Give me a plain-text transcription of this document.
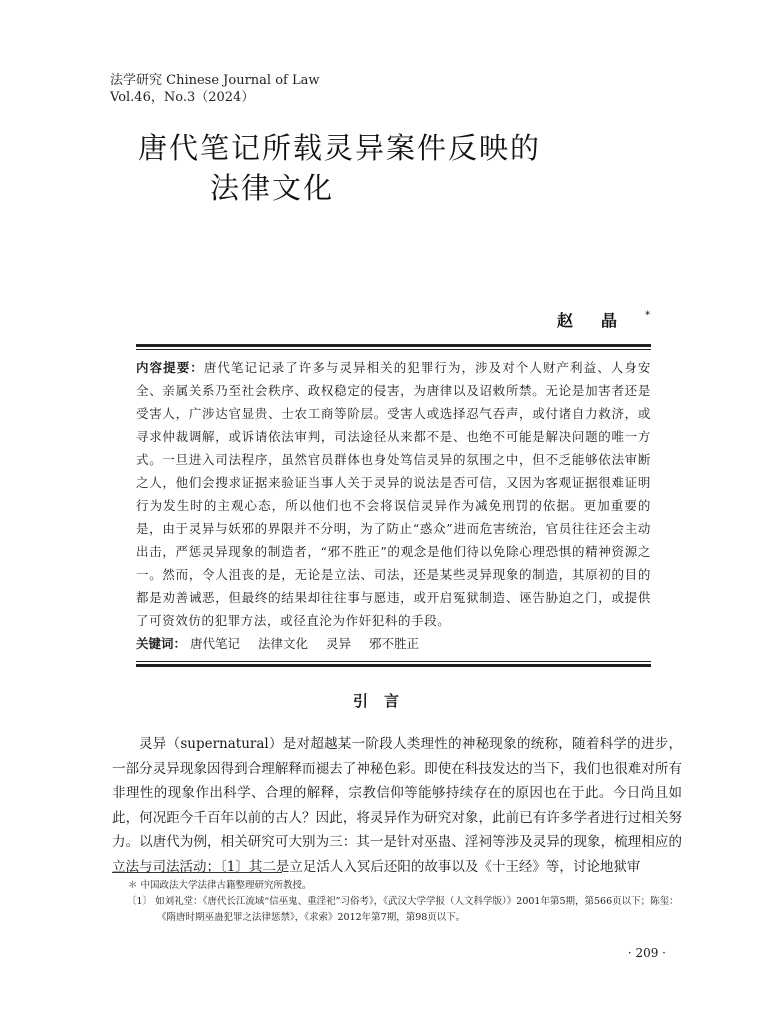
法学研究 Chinese Journal of Law
Vol.46，No.3（2024）
唐代笔记所载灵异案件反映的
法律文化
赵晶*

内容提要：唐代笔记记录了许多与灵异相关的犯罪行为，涉及对个人财产利益、人身安全、亲属关系乃至社会秩序、政权稳定的侵害，为唐律以及诏敕所禁。无论是加害者还是受害人，广涉达官显贵、士农工商等阶层。受害人或选择忍气吞声，或付诸自力救济，或寻求仲裁调解，或诉请依法审判，司法途径从来都不是、也绝不可能是解决问题的唯一方式。一旦进入司法程序，虽然官员群体也身处笃信灵异的氛围之中，但不乏能够依法审断之人，他们会搜求证据来验证当事人关于灵异的说法是否可信，又因为客观证据很难证明行为发生时的主观心态，所以他们也不会将误信灵异作为减免刑罚的依据。更加重要的是，由于灵异与妖邪的界限并不分明，为了防止“惑众”进而危害统治，官员往往还会主动出击，严惩灵异现象的制造者，“邪不胜正”的观念是他们待以免除心理恐惧的精神资源之一。然而，令人沮丧的是，无论是立法、司法，还是某些灵异现象的制造，其原初的目的都是劝善诫恶，但最终的结果却往往事与愿违，或开启冤狱制造、诬告胁迫之门，或提供了可资效仿的犯罪方法，或径直沦为作奸犯科的手段。

关键词： 唐代笔记 法律文化 灵异 邪不胜正

引言

灵异（supernatural）是对超越某一阶段人类理性的神秘现象的统称，随着科学的进步，一部分灵异现象因得到合理解释而褪去了神秘色彩。即使在科技发达的当下，我们也很难对所有非理性的现象作出科学、合理的解释，宗教信仰等能够持续存在的原因也在于此。今日尚且如此，何况距今千百年以前的古人？因此，将灵异作为研究对象，此前已有许多学者进行过相关努力。以唐代为例，相关研究可大别为三：其一是针对巫蛊、淫祠等涉及灵异的现象，梳理相应的立法与司法活动；〔1〕其二是立足活人入冥后还阳的故事以及《十王经》等，讨论地狱审

＊ 中国政法大学法律古籍整理研究所教授。

〔1〕 如刘礼堂：《唐代长江流域“信巫鬼、重淫祀”习俗考》，《武汉大学学报（人文科学版）》2001年第5期，第566页以下；陈玺：《隋唐时期巫蛊犯罪之法律惩禁》，《求索》2012年第7期，第98页以下。

· 209 ·
